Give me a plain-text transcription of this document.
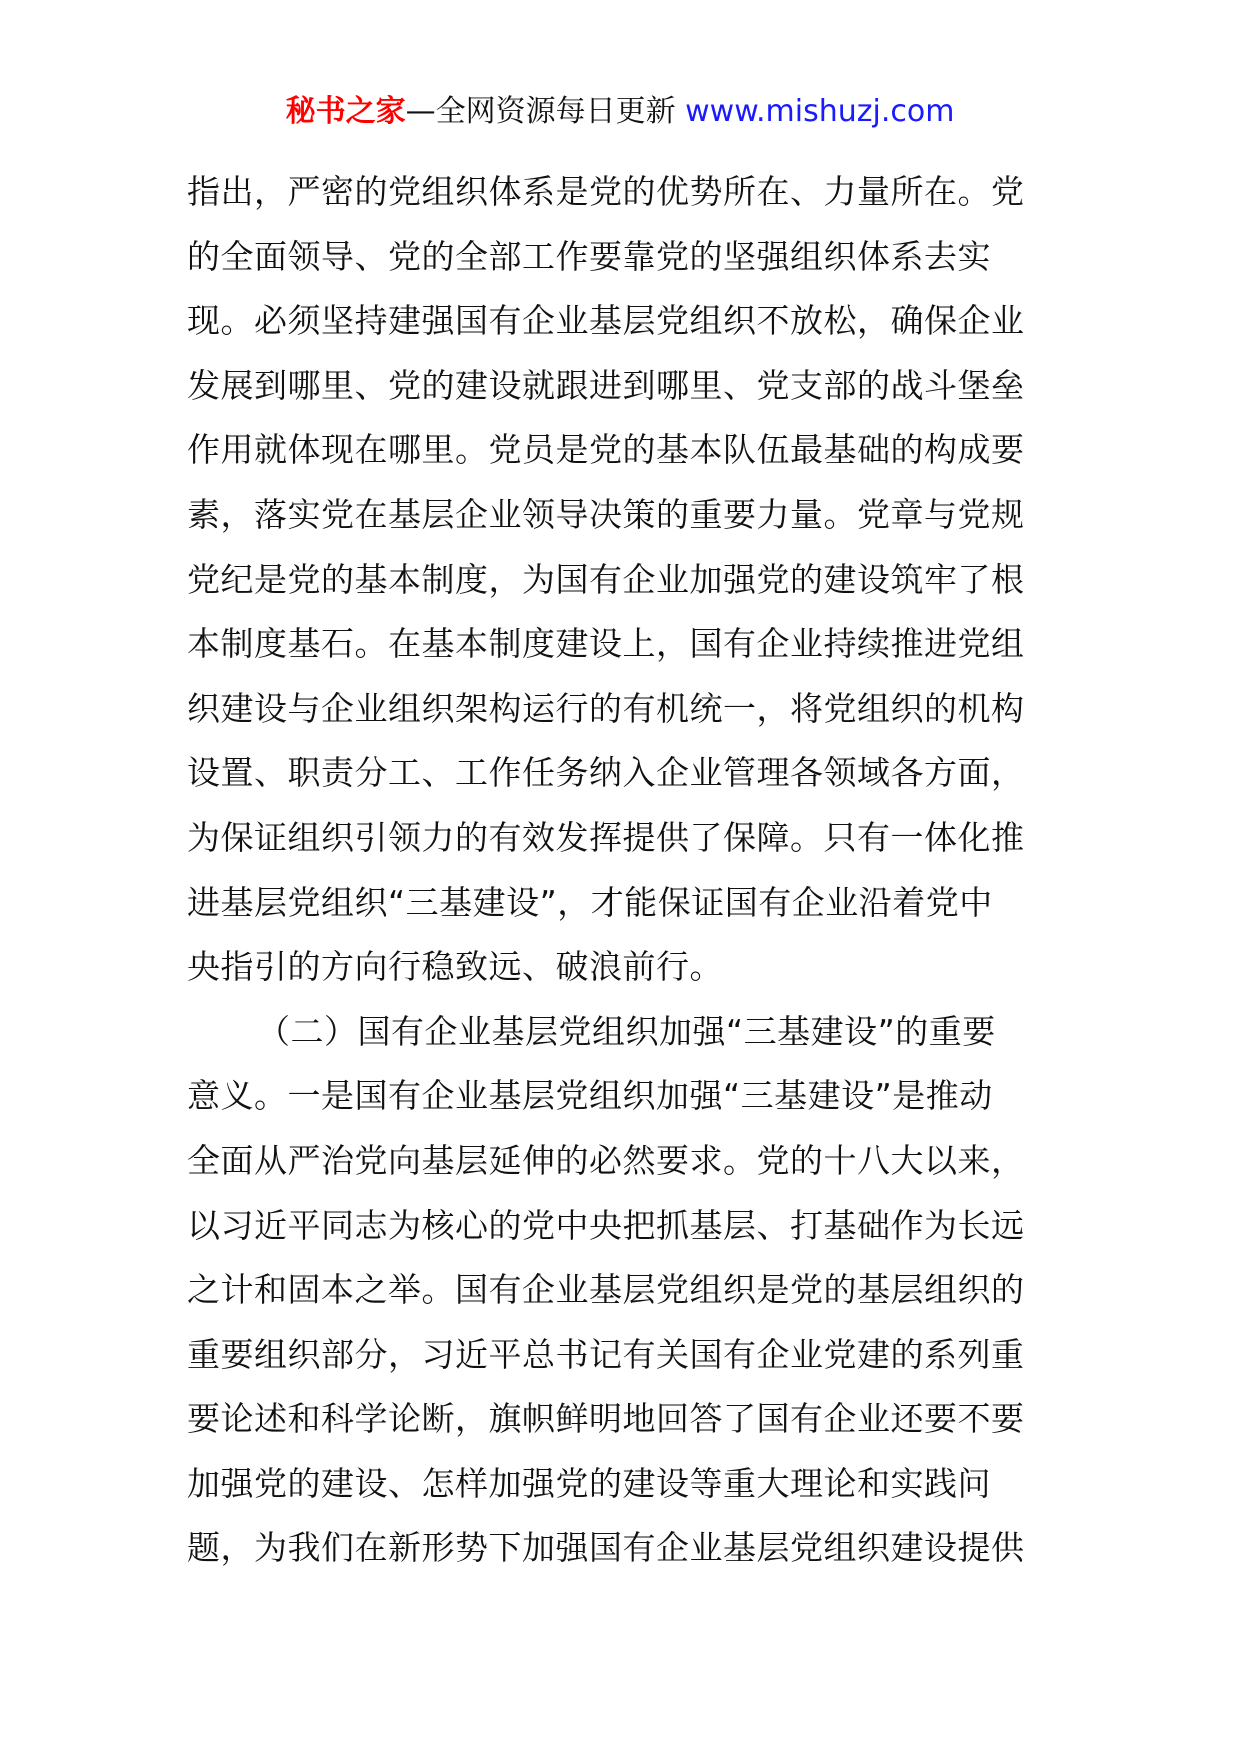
秘书之家—全网资源每日更新 www.mishuzj.com
指出，严密的党组织体系是党的优势所在、力量所在。党
的全面领导、党的全部工作要靠党的坚强组织体系去实
现。必须坚持建强国有企业基层党组织不放松，确保企业
发展到哪里、党的建设就跟进到哪里、党支部的战斗堡垒
作用就体现在哪里。党员是党的基本队伍最基础的构成要
素，落实党在基层企业领导决策的重要力量。党章与党规
党纪是党的基本制度，为国有企业加强党的建设筑牢了根
本制度基石。在基本制度建设上，国有企业持续推进党组
织建设与企业组织架构运行的有机统一，将党组织的机构
设置、职责分工、工作任务纳入企业管理各领域各方面，
为保证组织引领力的有效发挥提供了保障。只有一体化推
进基层党组织“三基建设”，才能保证国有企业沿着党中
央指引的方向行稳致远、破浪前行。
（二）国有企业基层党组织加强“三基建设”的重要
意义。一是国有企业基层党组织加强“三基建设”是推动
全面从严治党向基层延伸的必然要求。党的十八大以来，
以习近平同志为核心的党中央把抓基层、打基础作为长远
之计和固本之举。国有企业基层党组织是党的基层组织的
重要组织部分，习近平总书记有关国有企业党建的系列重
要论述和科学论断，旗帜鲜明地回答了国有企业还要不要
加强党的建设、怎样加强党的建设等重大理论和实践问
题，为我们在新形势下加强国有企业基层党组织建设提供
